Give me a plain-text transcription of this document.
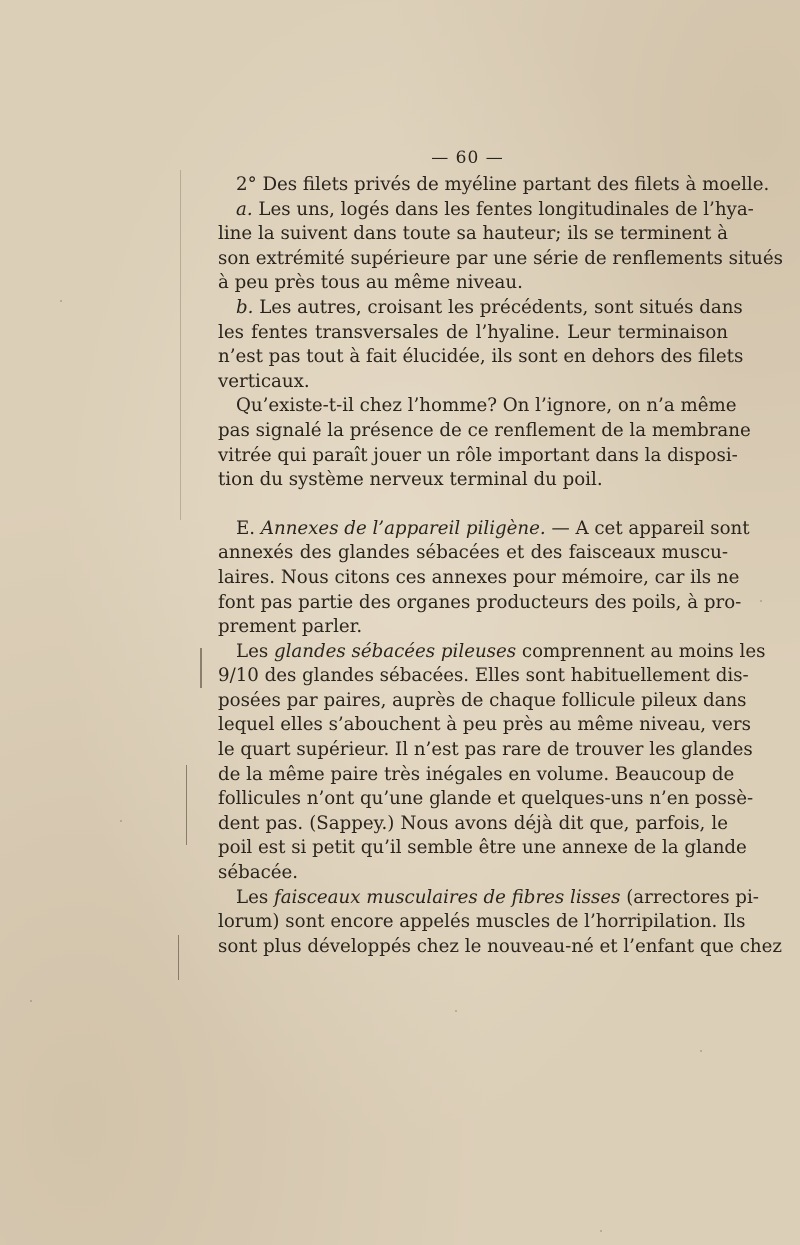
— 60 —
2° Des filets privés de myéline partant des filets à moelle.
a. Les uns, logés dans les fentes longitudinales de l’hya-
line la suivent dans toute sa hauteur; ils se terminent à
son extrémité supérieure par une série de renflements situés
à peu près tous au même niveau.
b. Les autres, croisant les précédents, sont situés dans
les fentes transversales de l’hyaline. Leur terminaison
n’est pas tout à fait élucidée, ils sont en dehors des filets
verticaux.
Qu’existe-t-il chez l’homme? On l’ignore, on n’a même
pas signalé la présence de ce renflement de la membrane
vitrée qui paraît jouer un rôle important dans la disposi-
tion du système nerveux terminal du poil.
E. Annexes de l’appareil piligène. — A cet appareil sont
annexés des glandes sébacées et des faisceaux muscu-
laires. Nous citons ces annexes pour mémoire, car ils ne
font pas partie des organes producteurs des poils, à pro-
prement parler.
Les glandes sébacées pileuses comprennent au moins les
9/10 des glandes sébacées. Elles sont habituellement dis-
posées par paires, auprès de chaque follicule pileux dans
lequel elles s’abouchent à peu près au même niveau, vers
le quart supérieur. Il n’est pas rare de trouver les glandes
de la même paire très inégales en volume. Beaucoup de
follicules n’ont qu’une glande et quelques-uns n’en possè-
dent pas. (Sappey.) Nous avons déjà dit que, parfois, le
poil est si petit qu’il semble être une annexe de la glande
sébacée.
Les faisceaux musculaires de fibres lisses (arrectores pi-
lorum) sont encore appelés muscles de l’horripilation. Ils
sont plus développés chez le nouveau-né et l’enfant que chez
